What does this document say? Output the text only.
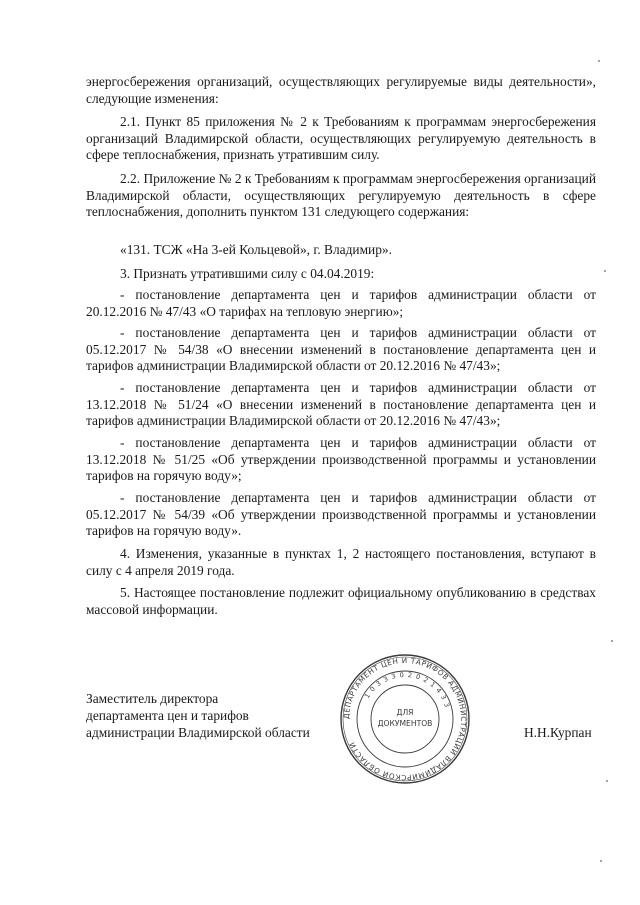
энергосбережения организаций, осуществляющих регулируемые виды деятельности», следующие изменения:

2.1. Пункт 85 приложения № 2 к Требованиям к программам энергосбережения организаций Владимирской области, осуществляющих регулируемую деятельность в сфере теплоснабжения, признать утратившим силу.

2.2. Приложение № 2 к Требованиям к программам энергосбережения организаций Владимирской области, осуществляющих регулируемую деятельность в сфере теплоснабжения, дополнить пунктом 131 следующего содержания:

«131. ТСЖ «На 3-ей Кольцевой», г. Владимир».

3. Признать утратившими силу с 04.04.2019:

- постановление департамента цен и тарифов администрации области от 20.12.2016 № 47/43 «О тарифах на тепловую энергию»;

- постановление департамента цен и тарифов администрации области от 05.12.2017 № 54/38 «О внесении изменений в постановление департамента цен и тарифов администрации Владимирской области от 20.12.2016 № 47/43»;

- постановление департамента цен и тарифов администрации области от 13.12.2018 № 51/24 «О внесении изменений в постановление департамента цен и тарифов администрации Владимирской области от 20.12.2016 № 47/43»;

- постановление департамента цен и тарифов администрации области от 13.12.2018 № 51/25 «Об утверждении производственной программы и установлении тарифов на горячую воду»;

- постановление департамента цен и тарифов администрации области от 05.12.2017 № 54/39 «Об утверждении производственной программы и установлении тарифов на горячую воду».

4. Изменения, указанные в пунктах 1, 2 настоящего постановления, вступают в силу с 4 апреля 2019 года.

5. Настоящее постановление подлежит официальному опубликованию в средствах массовой информации.

Заместитель директора
департамента цен и тарифов
администрации Владимирской области
ДЕПАРТАМЕНТ ЦЕН И ТАРИФОВ АДМИНИСТРАЦИИ ВЛАДИМИРСКОЙ ОБЛАСТИ
1 0 3 3 3 0 2 0 2 1 4 3 3
ДЛЯ
ДОКУМЕНТОВ
Н.Н.Курпан
